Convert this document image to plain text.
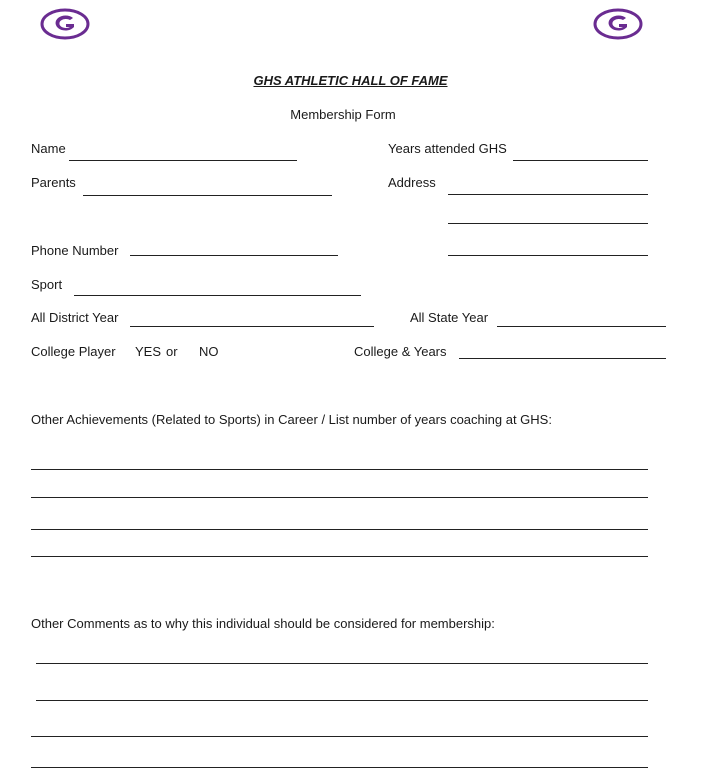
GHS ATHLETIC HALL OF FAME
Membership Form
Name	Years attended GHS
Parents	Address
Phone Number
Sport
All District Year	All State Year
College Player YES or NO	College & Years
Other Achievements (Related to Sports) in Career / List number of years coaching at GHS:
Other Comments as to why this individual should be considered for membership:
